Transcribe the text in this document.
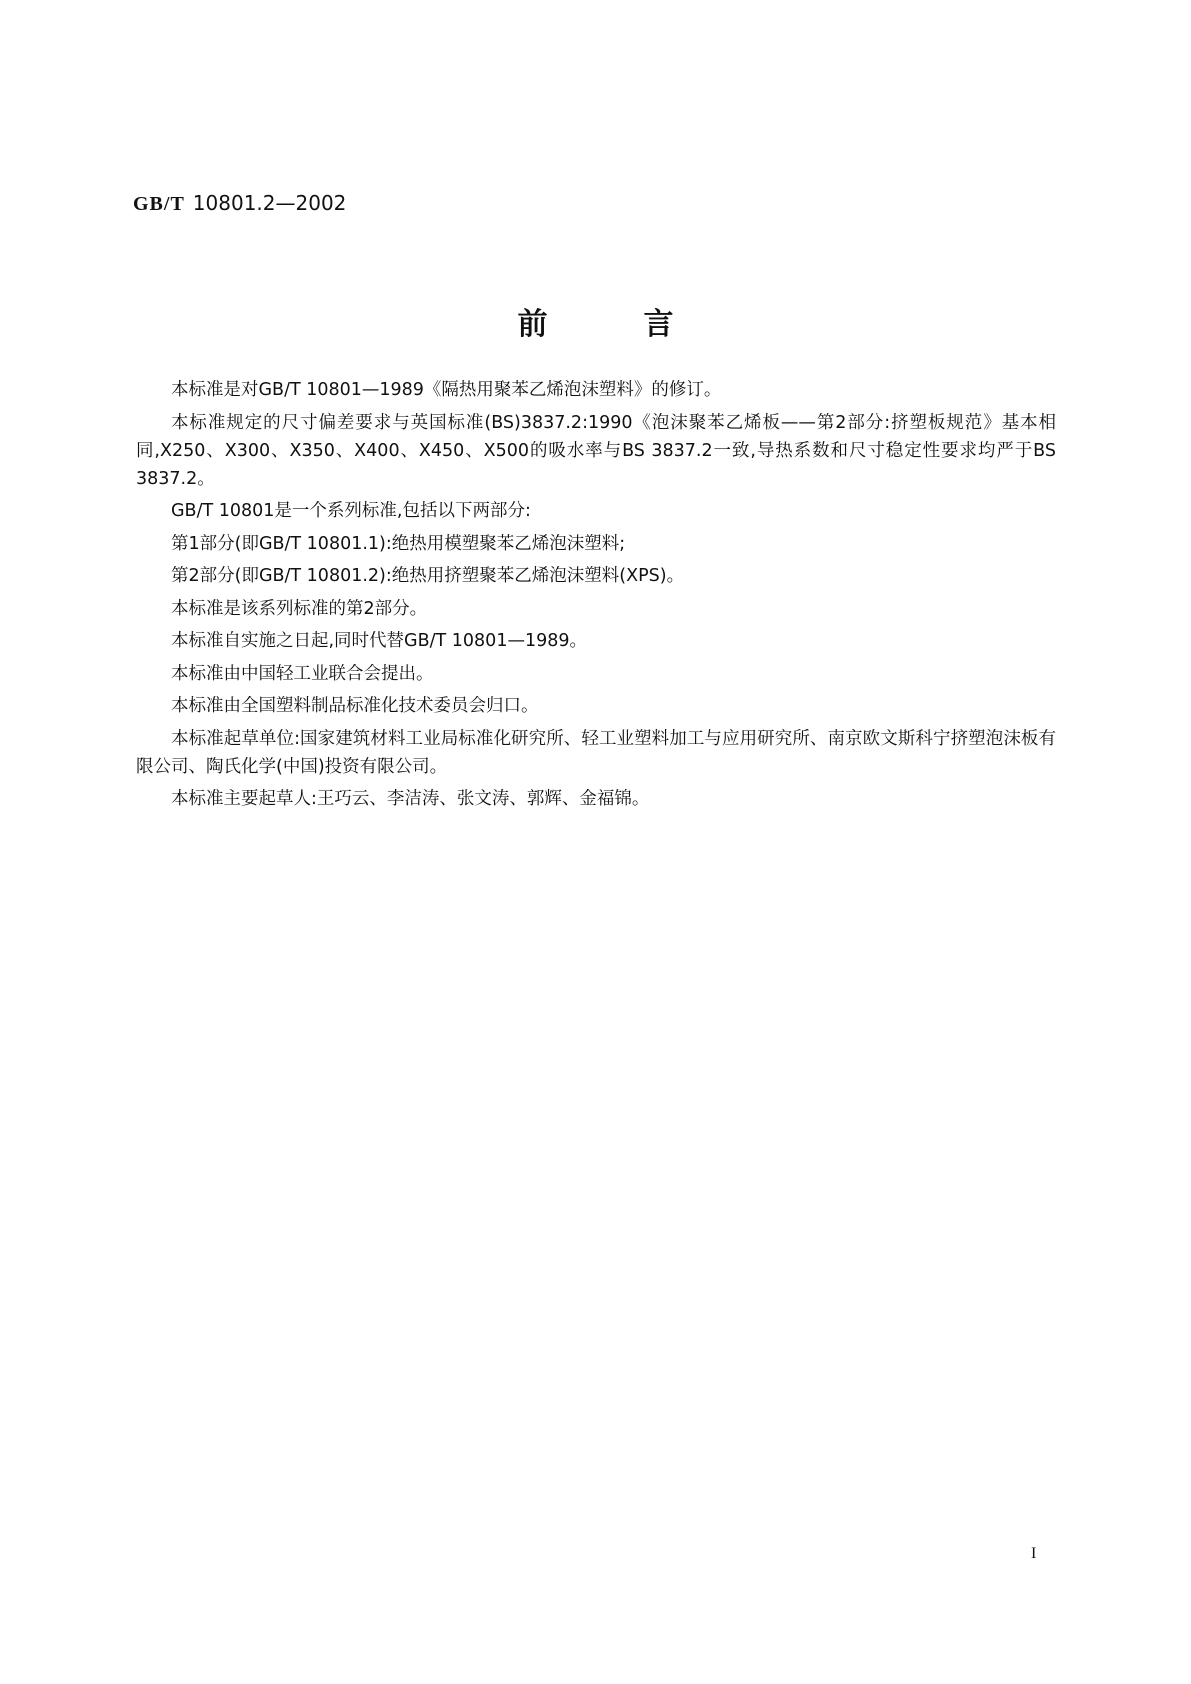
GB/T 10801.2—2002
前言

本标准是对GB/T 10801—1989《隔热用聚苯乙烯泡沫塑料》的修订。

本标准规定的尺寸偏差要求与英国标准(BS)3837.2:1990《泡沫聚苯乙烯板——第2部分:挤塑板规范》基本相同,X250、X300、X350、X400、X450、X500的吸水率与BS 3837.2一致,导热系数和尺寸稳定性要求均严于BS 3837.2。

GB/T 10801是一个系列标准,包括以下两部分:

第1部分(即GB/T 10801.1):绝热用模塑聚苯乙烯泡沫塑料;

第2部分(即GB/T 10801.2):绝热用挤塑聚苯乙烯泡沫塑料(XPS)。

本标准是该系列标准的第2部分。

本标准自实施之日起,同时代替GB/T 10801—1989。

本标准由中国轻工业联合会提出。

本标准由全国塑料制品标准化技术委员会归口。

本标准起草单位:国家建筑材料工业局标准化研究所、轻工业塑料加工与应用研究所、南京欧文斯科宁挤塑泡沫板有限公司、陶氏化学(中国)投资有限公司。

本标准主要起草人:王巧云、李洁涛、张文涛、郭辉、金福锦。

I
